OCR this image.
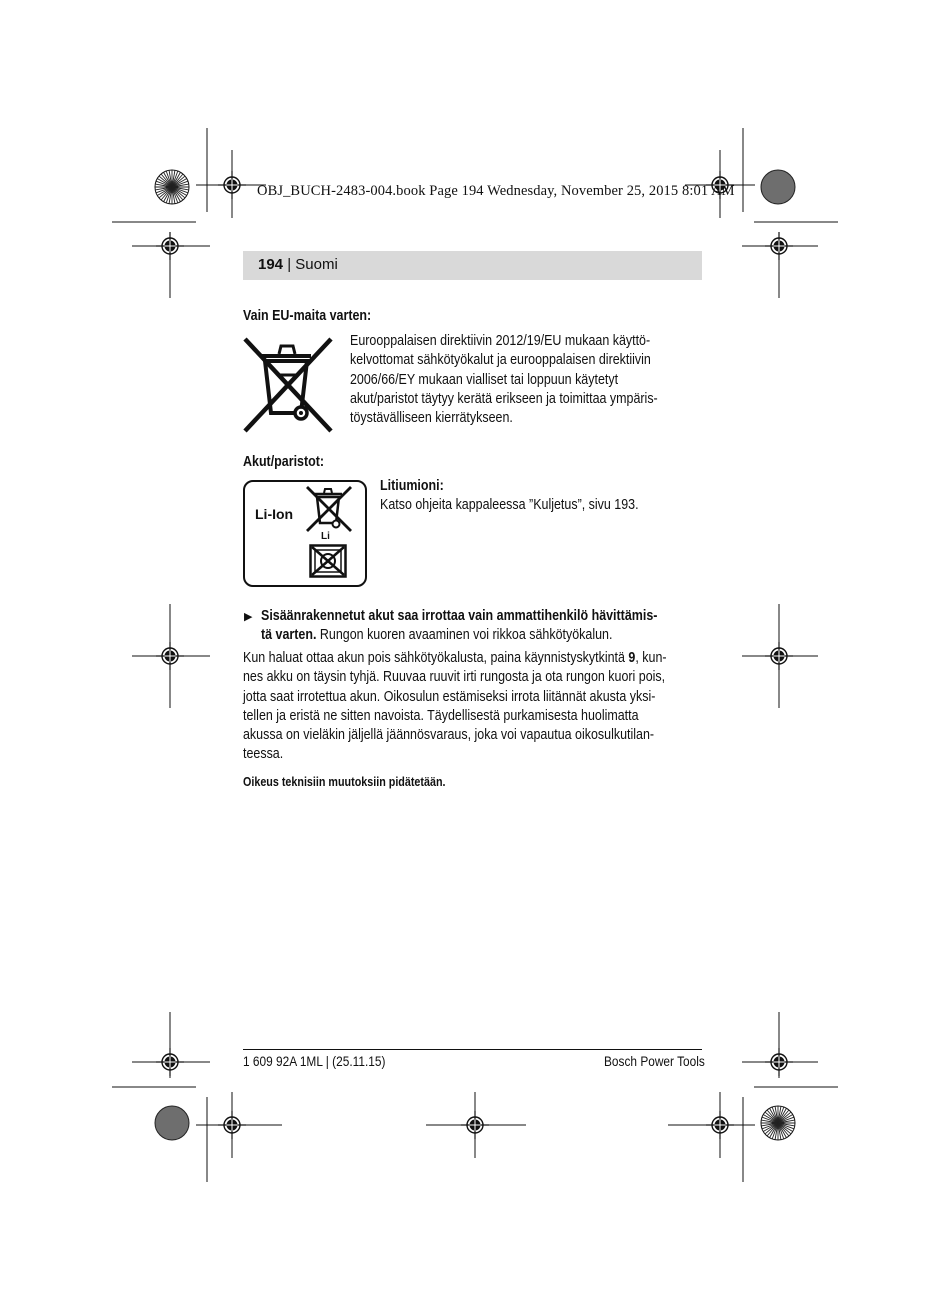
OBJ_BUCH-2483-004.book Page 194 Wednesday, November 25, 2015 8:01 AM
194 | Suomi
Vain EU-maita varten:
Eurooppalaisen direktiivin 2012/19/EU mukaan käyttö-
kelvottomat sähkötyökalut ja eurooppalaisen direktiivin
2006/66/EY mukaan vialliset tai loppuun käytetyt
akut/paristot täytyy kerätä erikseen ja toimittaa ympäris-
töystävälliseen kierrätykseen.
Akut/paristot:
Li-Ion
Li
Litiumioni:
Katso ohjeita kappaleessa ”Kuljetus”, sivu 193.
▶ Sisäänrakennetut akut saa irrottaa vain ammattihenkilö hävittämis-
tä varten. Rungon kuoren avaaminen voi rikkoa sähkötyökalun.
Kun haluat ottaa akun pois sähkötyökalusta, paina käynnistyskytkintä 9, kun-
nes akku on täysin tyhjä. Ruuvaa ruuvit irti rungosta ja ota rungon kuori pois,
jotta saat irrotettua akun. Oikosulun estämiseksi irrota liitännät akusta yksi-
tellen ja eristä ne sitten navoista. Täydellisestä purkamisesta huolimatta
akussa on vieläkin jäljellä jäännösvaraus, joka voi vapautua oikosulkutilan-
teessa.
Oikeus teknisiin muutoksiin pidätetään.
1 609 92A 1ML | (25.11.15)	Bosch Power Tools
